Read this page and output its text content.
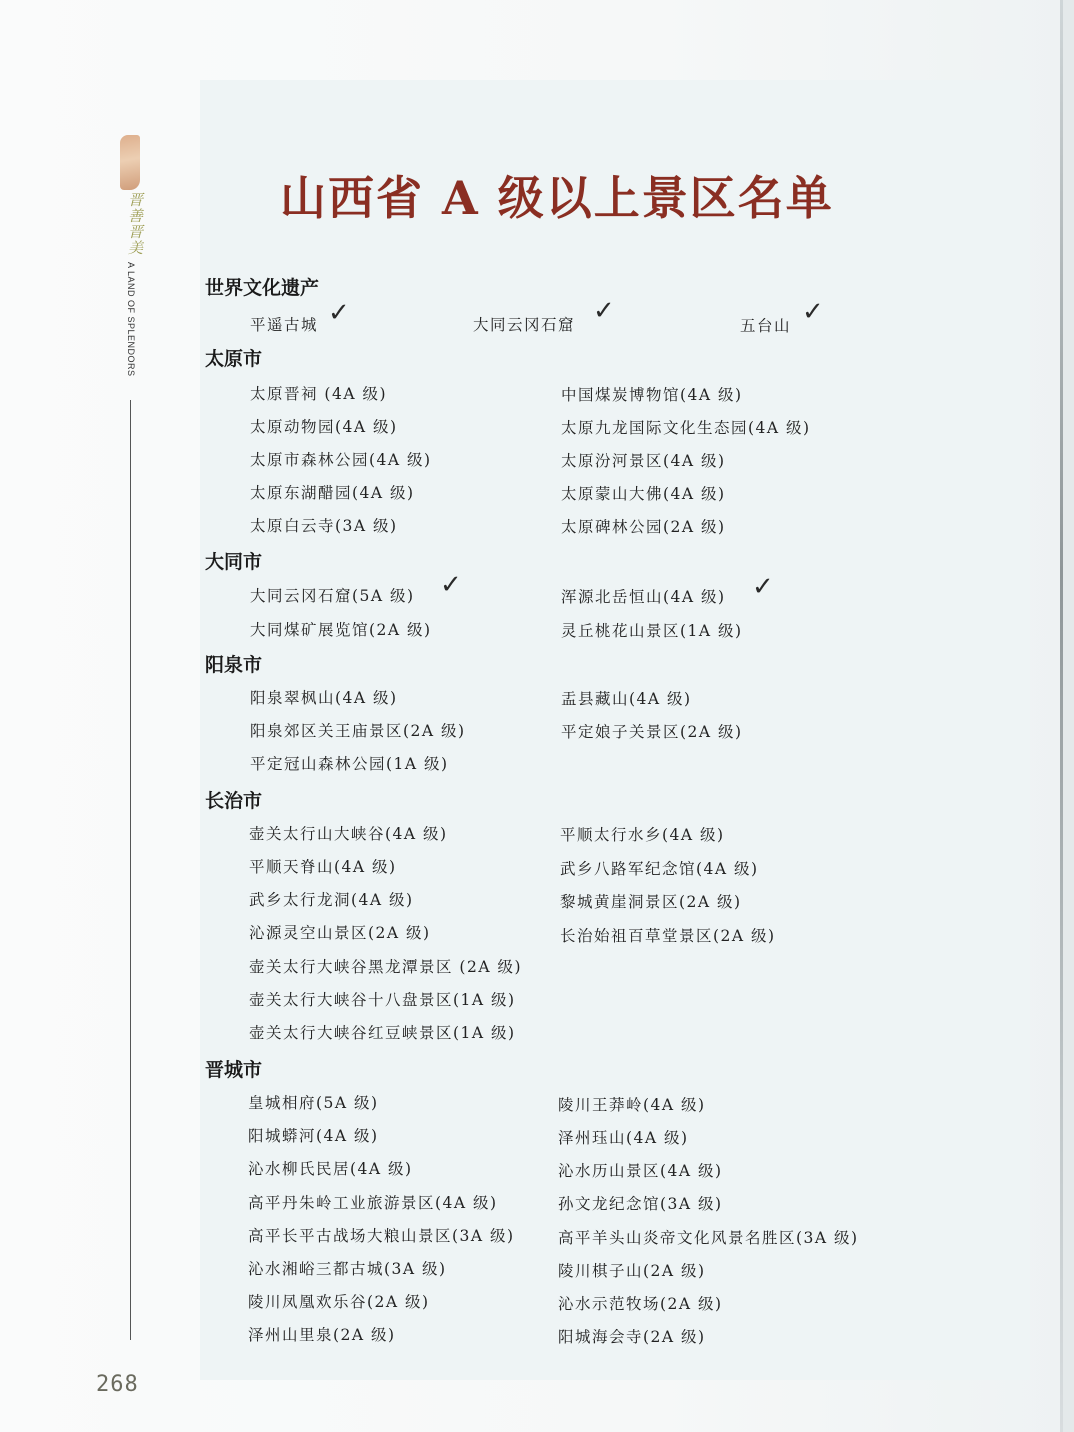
晋善晋美
A LAND OF SPLENDORS
山西省 A 级以上景区名单
世界文化遗产
平遥古城 ✓	大同云冈石窟 ✓	五台山 ✓
太原市
太原晋祠 (4A 级)
太原动物园(4A 级)
太原市森林公园(4A 级)
太原东湖醋园(4A 级)
太原白云寺(3A 级)
中国煤炭博物馆(4A 级)
太原九龙国际文化生态园(4A 级)
太原汾河景区(4A 级)
太原蒙山大佛(4A 级)
太原碑林公园(2A 级)
大同市
大同云冈石窟(5A 级) ✓
大同煤矿展览馆(2A 级)
浑源北岳恒山(4A 级) ✓
灵丘桃花山景区(1A 级)
阳泉市
阳泉翠枫山(4A 级)
阳泉郊区关王庙景区(2A 级)
平定冠山森林公园(1A 级)
盂县藏山(4A 级)
平定娘子关景区(2A 级)
长治市
壶关太行山大峡谷(4A 级)
平顺天脊山(4A 级)
武乡太行龙洞(4A 级)
沁源灵空山景区(2A 级)
壶关太行大峡谷黑龙潭景区 (2A 级)
壶关太行大峡谷十八盘景区(1A 级)
壶关太行大峡谷红豆峡景区(1A 级)
平顺太行水乡(4A 级)
武乡八路军纪念馆(4A 级)
黎城黄崖洞景区(2A 级)
长治始祖百草堂景区(2A 级)
晋城市
皇城相府(5A 级)
阳城蟒河(4A 级)
沁水柳氏民居(4A 级)
高平丹朱岭工业旅游景区(4A 级)
高平长平古战场大粮山景区(3A 级)
沁水湘峪三都古城(3A 级)
陵川凤凰欢乐谷(2A 级)
泽州山里泉(2A 级)
陵川王莽岭(4A 级)
泽州珏山(4A 级)
沁水历山景区(4A 级)
孙文龙纪念馆(3A 级)
高平羊头山炎帝文化风景名胜区(3A 级)
陵川棋子山(2A 级)
沁水示范牧场(2A 级)
阳城海会寺(2A 级)
268
